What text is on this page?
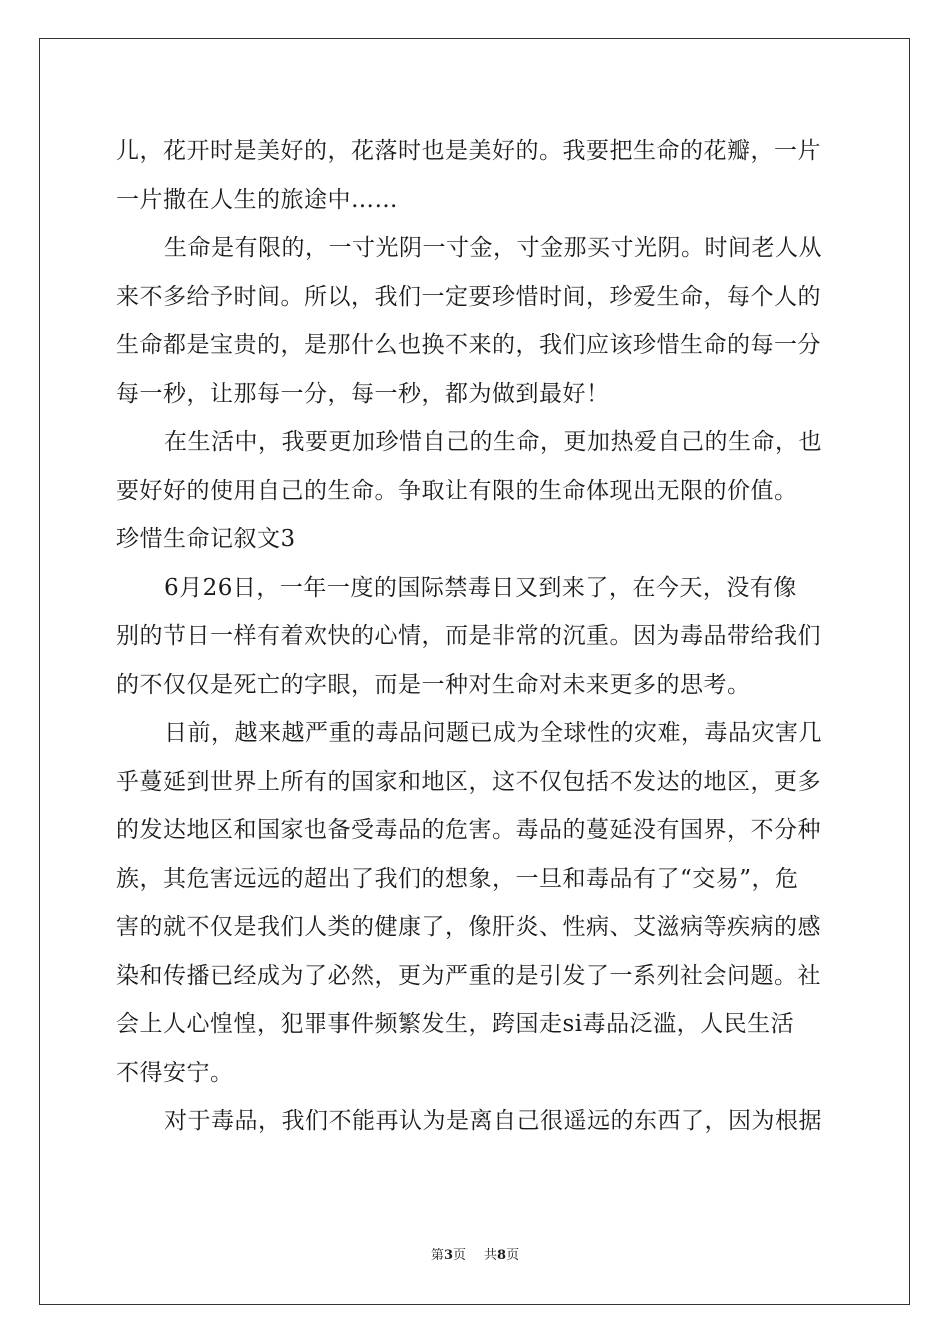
儿，花开时是美好的，花落时也是美好的。我要把生命的花瓣，一片
一片撒在人生的旅途中……
生命是有限的，一寸光阴一寸金，寸金那买寸光阴。时间老人从
来不多给予时间。所以，我们一定要珍惜时间，珍爱生命，每个人的
生命都是宝贵的，是那什么也换不来的，我们应该珍惜生命的每一分
每一秒，让那每一分，每一秒，都为做到最好！
在生活中，我要更加珍惜自己的生命，更加热爱自己的生命，也
要好好的使用自己的生命。争取让有限的生命体现出无限的价值。
珍惜生命记叙文3
6月26日，一年一度的国际禁毒日又到来了，在今天，没有像
别的节日一样有着欢快的心情，而是非常的沉重。因为毒品带给我们
的不仅仅是死亡的字眼，而是一种对生命对未来更多的思考。
日前，越来越严重的毒品问题已成为全球性的灾难，毒品灾害几
乎蔓延到世界上所有的国家和地区，这不仅包括不发达的地区，更多
的发达地区和国家也备受毒品的危害。毒品的蔓延没有国界，不分种
族，其危害远远的超出了我们的想象，一旦和毒品有了“交易”，危
害的就不仅是我们人类的健康了，像肝炎、性病、艾滋病等疾病的感
染和传播已经成为了必然，更为严重的是引发了一系列社会问题。社
会上人心惶惶，犯罪事件频繁发生，跨国走si毒品泛滥，人民生活
不得安宁。
对于毒品，我们不能再认为是离自己很遥远的东西了，因为根据
第3页 共8页
